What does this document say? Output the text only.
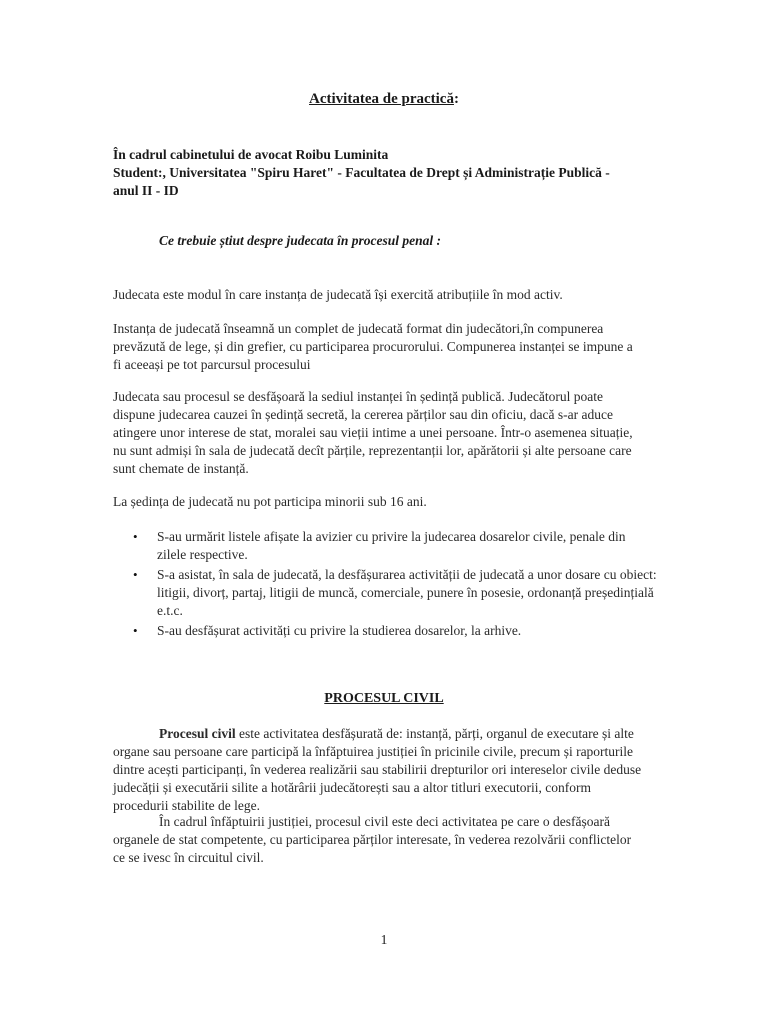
Activitatea de practică:

În cadrul cabinetului de avocat Roibu Luminita

Student:, Universitatea "Spiru Haret" - Facultatea de Drept și Administrație Publică - anul II - ID

Ce trebuie știut despre judecata în procesul penal :

Judecata este modul în care instanța de judecată își exercită atribuțiile în mod activ.

Instanța de judecată înseamnă un complet de judecată format din judecători,în compunerea prevăzută de lege, și din grefier, cu participarea procurorului. Compunerea instanței se impune a fi aceeași pe tot parcursul procesului

Judecata sau procesul se desfășoară la sediul instanței în ședință publică. Judecătorul poate dispune judecarea cauzei în ședință secretă, la cererea părților sau din oficiu, dacă s-ar aduce atingere unor interese de stat, moralei sau vieții intime a unei persoane. Într-o asemenea situație, nu sunt admiși în sala de judecată decît părțile, reprezentanții lor, apărătorii și alte persoane care sunt chemate de instanță.

La ședința de judecată nu pot participa minorii sub 16 ani.

• S-au urmărit listele afișate la avizier cu privire la judecarea dosarelor civile, penale din zilele respective.
• S-a asistat, în sala de judecată, la desfășurarea activității de judecată a unor dosare cu obiect: litigii, divorț, partaj, litigii de muncă, comerciale, punere în posesie, ordonanță președințială e.t.c.
• S-au desfășurat activități cu privire la studierea dosarelor, la arhive.
PROCESUL CIVIL

Procesul civil este activitatea desfășurată de: instanță, părți, organul de executare și alte organe sau persoane care participă la înfăptuirea justiției în pricinile civile, precum și raporturile dintre acești participanți, în vederea realizării sau stabilirii drepturilor ori intereselor civile deduse judecății și executării silite a hotărârii judecătorești sau a altor titluri executorii, conform procedurii stabilite de lege.

În cadrul înfăptuirii justiției, procesul civil este deci activitatea pe care o desfășoară organele de stat competente, cu participarea părților interesate, în vederea rezolvării conflictelor ce se ivesc în circuitul civil.

1
